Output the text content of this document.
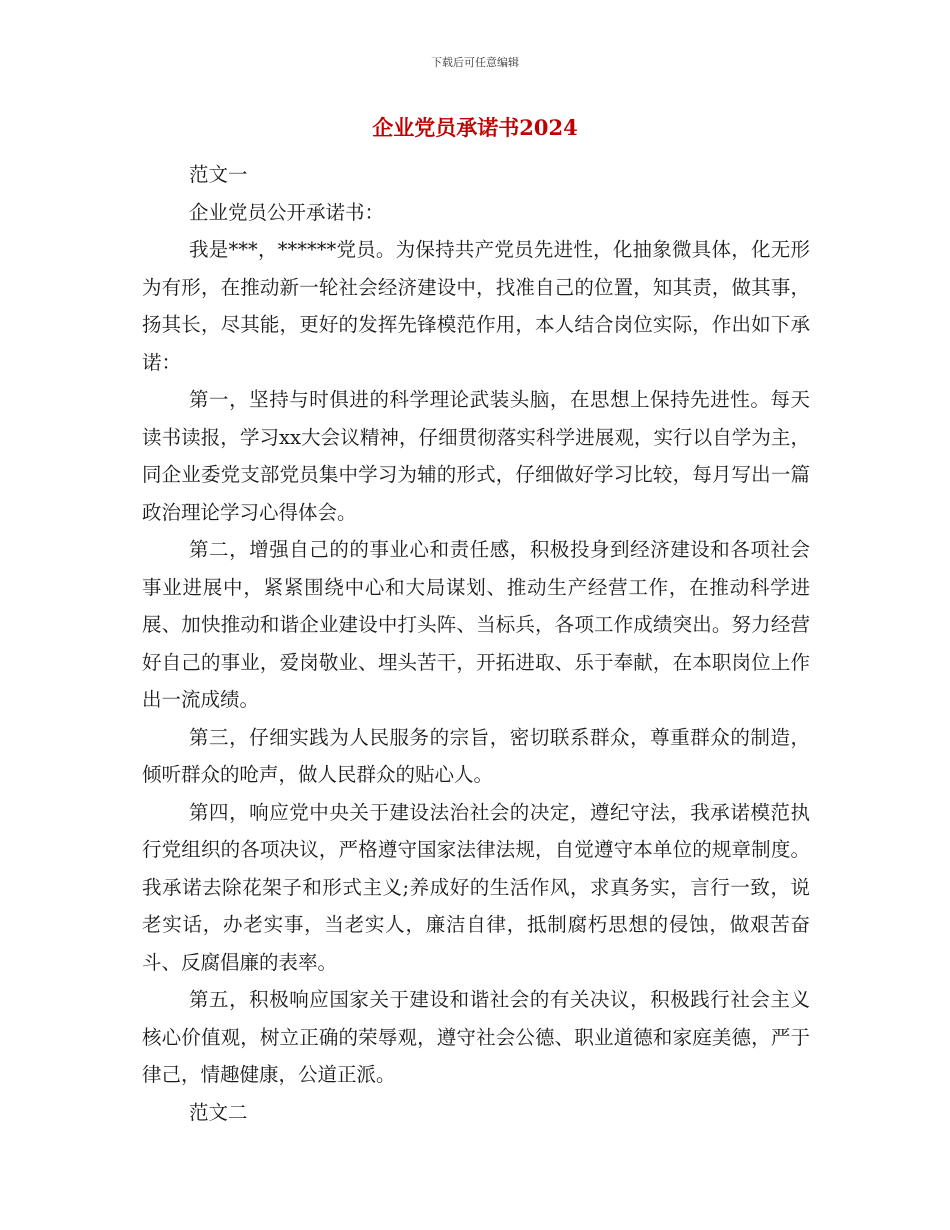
下载后可任意编辑
企业党员承诺书2024

范文一

企业党员公开承诺书：

我是***，******党员。为保持共产党员先进性，化抽象微具体，化无形为有形，在推动新一轮社会经济建设中，找准自己的位置，知其责，做其事，扬其长，尽其能，更好的发挥先锋模范作用，本人结合岗位实际，作出如下承诺：

第一，坚持与时俱进的科学理论武装头脑，在思想上保持先进性。每天读书读报，学习xx大会议精神，仔细贯彻落实科学进展观，实行以自学为主，同企业委党支部党员集中学习为辅的形式，仔细做好学习比较，每月写出一篇政治理论学习心得体会。

第二，增强自己的的事业心和责任感，积极投身到经济建设和各项社会事业进展中，紧紧围绕中心和大局谋划、推动生产经营工作，在推动科学进展、加快推动和谐企业建设中打头阵、当标兵，各项工作成绩突出。努力经营好自己的事业，爱岗敬业、埋头苦干，开拓进取、乐于奉献，在本职岗位上作出一流成绩。

第三，仔细实践为人民服务的宗旨，密切联系群众，尊重群众的制造，倾听群众的呛声，做人民群众的贴心人。

第四，响应党中央关于建设法治社会的决定，遵纪守法，我承诺模范执行党组织的各项决议，严格遵守国家法律法规，自觉遵守本单位的规章制度。我承诺去除花架子和形式主义;养成好的生活作风，求真务实，言行一致，说老实话，办老实事，当老实人，廉洁自律，抵制腐朽思想的侵蚀，做艰苦奋斗、反腐倡廉的表率。

第五，积极响应国家关于建设和谐社会的有关决议，积极践行社会主义核心价值观，树立正确的荣辱观，遵守社会公德、职业道德和家庭美德，严于律己，情趣健康，公道正派。

范文二
